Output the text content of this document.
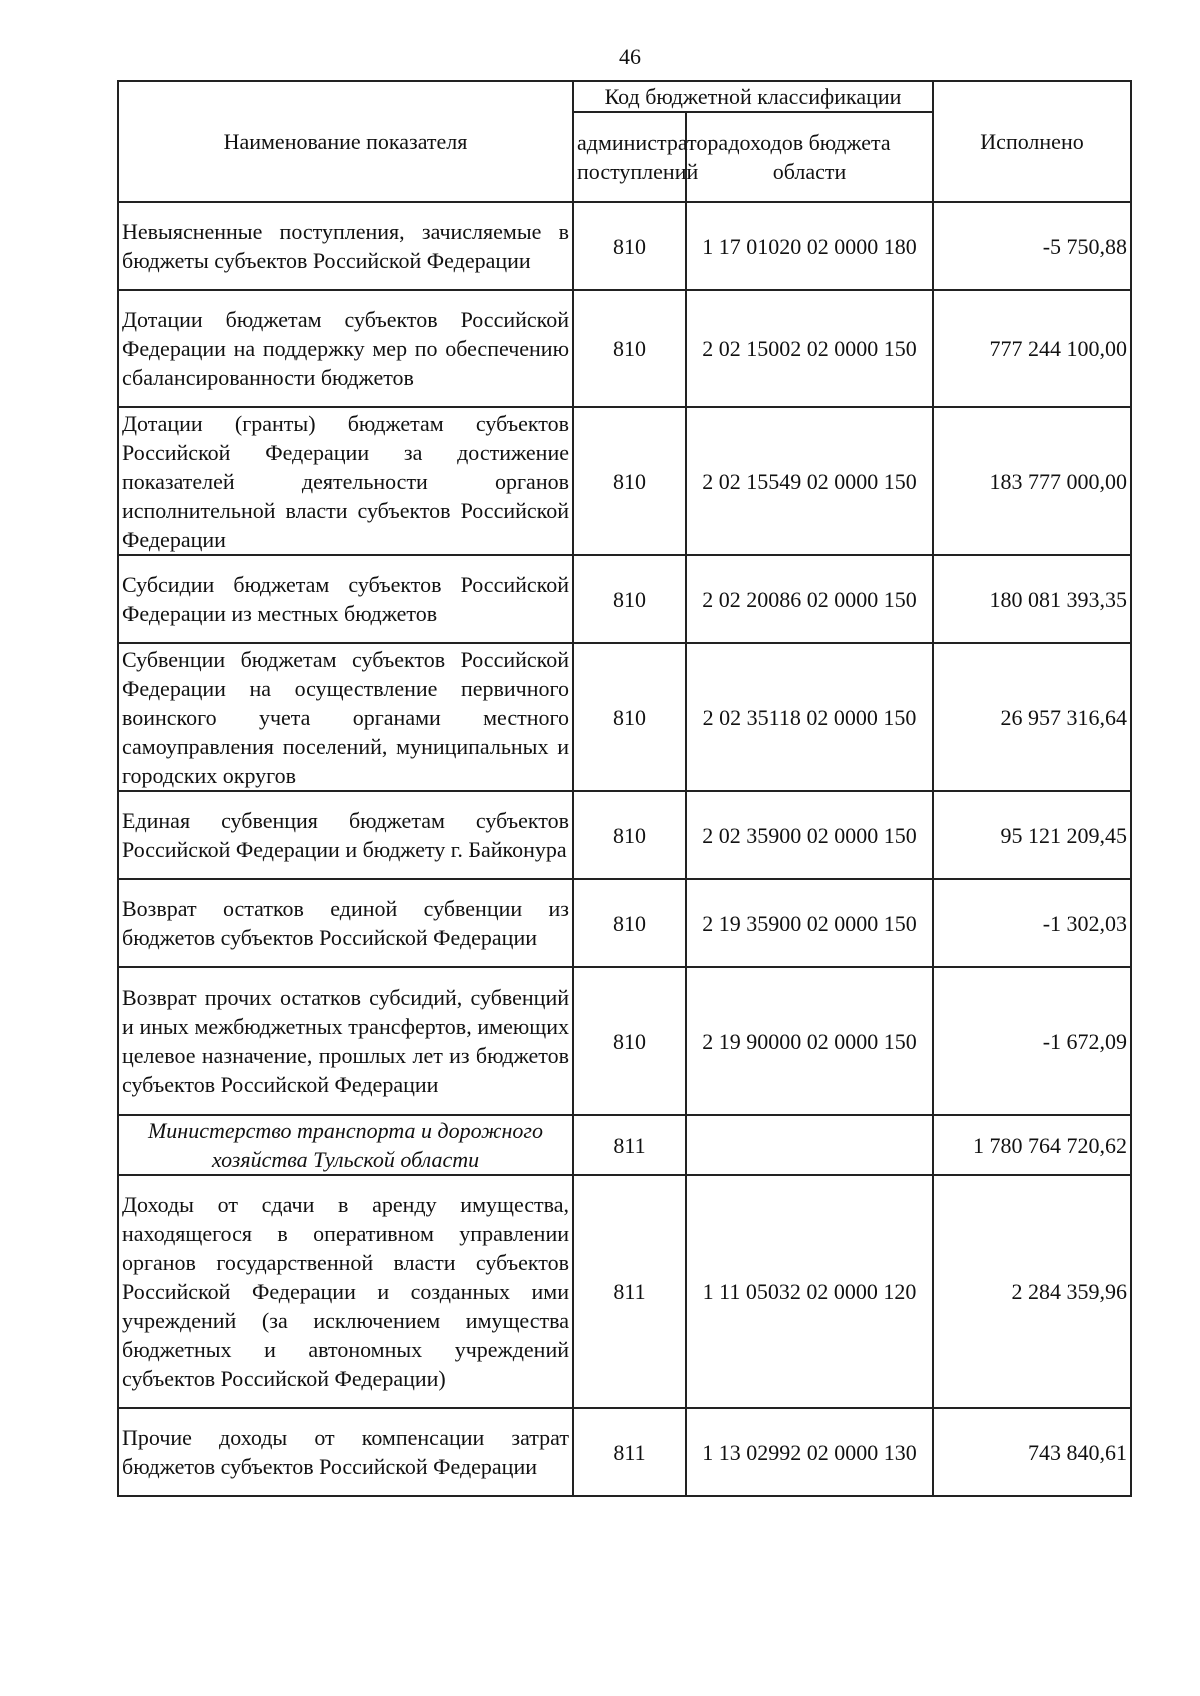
46
Наименование показателя	Код бюджетной классификации		Исполнено
	администратора поступлений	доходов бюджета области	
Невыясненные поступления, зачисляемые в бюджеты субъектов Российской Федерации	810	1 17 01020 02 0000 180	-5 750,88
Дотации бюджетам субъектов Российской Федерации на поддержку мер по обеспечению сбалансированности бюджетов	810	2 02 15002 02 0000 150	777 244 100,00
Дотации (гранты) бюджетам субъектов Российской Федерации за достижение показателей деятельности органов исполнительной власти субъектов Российской Федерации	810	2 02 15549 02 0000 150	183 777 000,00
Субсидии бюджетам субъектов Российской Федерации из местных бюджетов	810	2 02 20086 02 0000 150	180 081 393,35
Субвенции бюджетам субъектов Российской Федерации на осуществление первичного воинского учета органами местного самоуправления поселений, муниципальных и городских округов	810	2 02 35118 02 0000 150	26 957 316,64
Единая субвенция бюджетам субъектов Российской Федерации и бюджету г. Байконура	810	2 02 35900 02 0000 150	95 121 209,45
Возврат остатков единой субвенции из бюджетов субъектов Российской Федерации	810	2 19 35900 02 0000 150	-1 302,03
Возврат прочих остатков субсидий, субвенций и иных межбюджетных трансфертов, имеющих целевое назначение, прошлых лет из бюджетов субъектов Российской Федерации	810	2 19 90000 02 0000 150	-1 672,09
Министерство транспорта и дорожного хозяйства Тульской области	811		1 780 764 720,62
Доходы от сдачи в аренду имущества, находящегося в оперативном управлении органов государственной власти субъектов Российской Федерации и созданных ими учреждений (за исключением имущества бюджетных и автономных учреждений субъектов Российской Федерации)	811	1 11 05032 02 0000 120	2 284 359,96
Прочие доходы от компенсации затрат бюджетов субъектов Российской Федерации	811	1 13 02992 02 0000 130	743 840,61
